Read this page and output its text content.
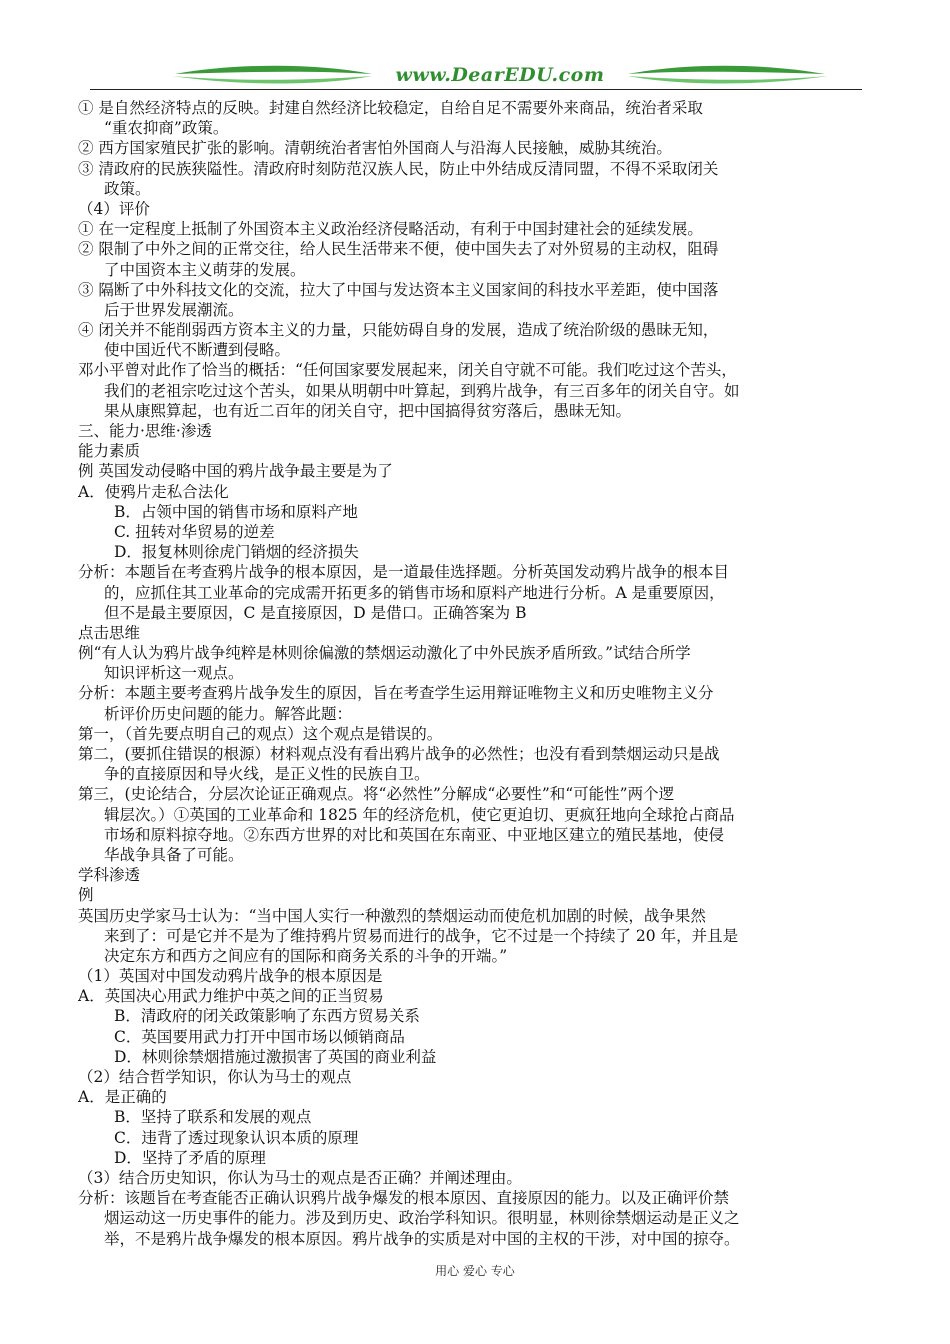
www.DearEDU.com
① 是自然经济特点的反映。封建自然经济比较稳定，自给自足不需要外来商品，统治者采取
“重农抑商”政策。
② 西方国家殖民扩张的影响。清朝统治者害怕外国商人与沿海人民接触，威胁其统治。
③ 清政府的民族狭隘性。清政府时刻防范汉族人民，防止中外结成反清同盟，不得不采取闭关
政策。
（4）评价
① 在一定程度上抵制了外国资本主义政治经济侵略活动，有利于中国封建社会的延续发展。
② 限制了中外之间的正常交往，给人民生活带来不便，使中国失去了对外贸易的主动权，阻碍
了中国资本主义萌芽的发展。
③ 隔断了中外科技文化的交流，拉大了中国与发达资本主义国家间的科技水平差距，使中国落
后于世界发展潮流。
④ 闭关并不能削弱西方资本主义的力量，只能妨碍自身的发展，造成了统治阶级的愚昧无知，
使中国近代不断遭到侵略。
邓小平曾对此作了恰当的概括：“任何国家要发展起来，闭关自守就不可能。我们吃过这个苦头，
我们的老祖宗吃过这个苦头，如果从明朝中叶算起，到鸦片战争，有三百多年的闭关自守。如
果从康熙算起，也有近二百年的闭关自守，把中国搞得贫穷落后，愚昧无知。
三、能力·思维·渗透
能力素质
例 英国发动侵略中国的鸦片战争最主要是为了
A．使鸦片走私合法化
B．占领中国的销售市场和原料产地
C. 扭转对华贸易的逆差
D．报复林则徐虎门销烟的经济损失
分析：本题旨在考查鸦片战争的根本原因，是一道最佳选择题。分析英国发动鸦片战争的根本目
的，应抓住其工业革命的完成需开拓更多的销售市场和原料产地进行分析。A 是重要原因，
但不是最主要原因，C 是直接原因，D 是借口。正确答案为 B
点击思维
例“有人认为鸦片战争纯粹是林则徐偏激的禁烟运动激化了中外民族矛盾所致。”试结合所学
知识评析这一观点。
分析：本题主要考查鸦片战争发生的原因，旨在考查学生运用辩证唯物主义和历史唯物主义分
析评价历史问题的能力。解答此题：
第一，（首先要点明自己的观点）这个观点是错误的。
第二，(要抓住错误的根源）材料观点没有看出鸦片战争的必然性；也没有看到禁烟运动只是战
争的直接原因和导火线，是正义性的民族自卫。
第三，(史论结合，分层次论证正确观点。将“必然性”分解成“必要性”和“可能性”两个逻
辑层次。）①英国的工业革命和 1825 年的经济危机，使它更迫切、更疯狂地向全球抢占商品
市场和原料掠夺地。②东西方世界的对比和英国在东南亚、中亚地区建立的殖民基地，使侵
华战争具备了可能。
学科渗透
例
英国历史学家马士认为：“当中国人实行一种激烈的禁烟运动而使危机加剧的时候，战争果然
来到了：可是它并不是为了维持鸦片贸易而进行的战争，它不过是一个持续了 20 年，并且是
决定东方和西方之间应有的国际和商务关系的斗争的开端。”
（1）英国对中国发动鸦片战争的根本原因是
A．英国决心用武力维护中英之间的正当贸易
B．清政府的闭关政策影响了东西方贸易关系
C．英国要用武力打开中国市场以倾销商品
D．林则徐禁烟措施过激损害了英国的商业利益
（2）结合哲学知识，你认为马士的观点
A．是正确的
B．坚持了联系和发展的观点
C．违背了透过现象认识本质的原理
D．坚持了矛盾的原理
（3）结合历史知识，你认为马士的观点是否正确？并阐述理由。
分析：该题旨在考查能否正确认识鸦片战争爆发的根本原因、直接原因的能力。以及正确评价禁
烟运动这一历史事件的能力。涉及到历史、政治学科知识。很明显，林则徐禁烟运动是正义之
举，不是鸦片战争爆发的根本原因。鸦片战争的实质是对中国的主权的干涉，对中国的掠夺。
用心 爱心 专心
